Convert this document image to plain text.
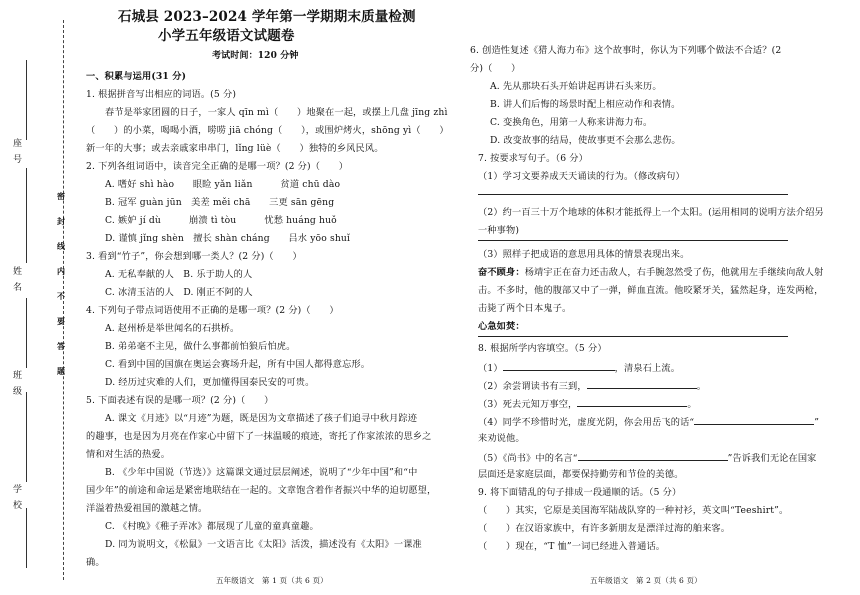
座 号
姓 名
班 级
学 校
密
封
线
内
不
要
答
题
石城县 2023–2024 学年第一学期期末质量检测
小学五年级语文试题卷
考试时间：120 分钟
一、积累与运用(31 分)
1. 根据拼音写出相应的词语。(5 分)
春节是举家团圆的日子，一家人 qīn mì（　　）地聚在一起，或摆上几盘 jīng zhì
（　　）的小菜，喝喝小酒，唠唠 jiā chóng（　　），或围炉烤火，shōng yì（　　）
新一年的大事；或去亲戚家串串门，lǐng lüè（　　）独特的乡风民风。
2. 下列各组词语中，读音完全正确的是哪一项？(2 分)（　　）
A. 嗜好 shì hào　　眼睑 yǎn liǎn　　　贫道 chū dào
B. 冠军 guàn jūn　美差 měi chā　　三更 sān gēng
C. 嫉妒 jí dù　　　崩溃 tì tòu　　　忧愁 huáng huǒ
D. 谨慎 jǐng shèn　擅长 shàn cháng　　吕水 yōo shuǐ
3. 看到“竹子”，你会想到哪一类人？(2 分)（　　）
A. 无私奉献的人　B. 乐于助人的人
C. 冰清玉洁的人　D. 刚正不阿的人
4. 下列句子带点词语使用不正确的是哪一项？(2 分)（　　）
A. 赵州桥是举世闻名的石拱桥。
B. 弟弟毫不主见，做什么事都前怕狼后怕虎。
C. 看到中国的国旗在奥运会赛场升起，所有中国人都得意忘形。
D. 经历过灾难的人们，更加懂得国泰民安的可贵。
5. 下面表述有误的是哪一项？(2 分)（　　）
A. 课文《月迹》以“月迹”为题，既是因为文章描述了孩子们追寻中秋月踪迹
的趣事，也是因为月亮在作家心中留下了一抹温暖的痕迹，寄托了作家浓浓的思乡之
情和对生活的热爱。
B. 《少年中国说（节选）》这篇课文通过层层阐述，说明了“少年中国”和“中
国少年”的前途和命运是紧密地联结在一起的。文章饱含着作者振兴中华的迫切愿望，
洋溢着热爱祖国的激越之情。
C. 《村晚》《稚子弄冰》都展现了儿童的童真童趣。
D. 同为说明文，《松鼠》一文语言比《太阳》活泼，描述没有《太阳》一课准
确。
6. 创造性复述《猎人海力布》这个故事时，你认为下列哪个做法不合适？(2
分)（　　）
A. 先从那块石头开始讲起再讲石头来历。
B. 讲人们后悔的场景时配上相应动作和表情。
C. 变换角色，用第一人称来讲海力布。
D. 改变故事的结局，使故事更不会那么悲伤。
7. 按要求写句子。（6 分）
（1）学习文要养成天天诵读的行为。（修改病句）
（2）约一百三十万个地球的体积才能抵得上一个太阳。(运用相同的说明方法介绍另
一种事物)
（3）照样子把成语的意思用具体的情景表现出来。
奋不顾身：杨靖宇正在奋力还击敌人，右手腕忽然受了伤，他就用左手继续向敌人射
击。不多时，他的腹部又中了一弹，鲜血直流。他咬紧牙关，猛然起身，连发两枪，
击毙了两个日本鬼子。
心急如焚：
8. 根据所学内容填空。（5 分）
（1）	，清泉石上流。
（2）余尝谓读书有三到，	。
（3）死去元知万事空，	。
（4）同学不珍惜时光，虚度光阴，你会用岳飞的话“	”
来劝说他。
（5）《尚书》中的名言“	”告诉我们无论在国家
层面还是家庭层面，都要保持勤劳和节俭的美德。
9. 将下面错乱的句子排成一段通顺的话。（5 分）
（　　）其实，它原是美国海军陆战队穿的一种衬衫，英文叫“Teeshirt”。
（　　）在汉语家族中，有许多新朋友是漂洋过海的舶来客。
（　　）现在，“T 恤”一词已经进入普通话。
五年级语文　第 1 页（共 6 页）	五年级语文　第 2 页（共 6 页）
